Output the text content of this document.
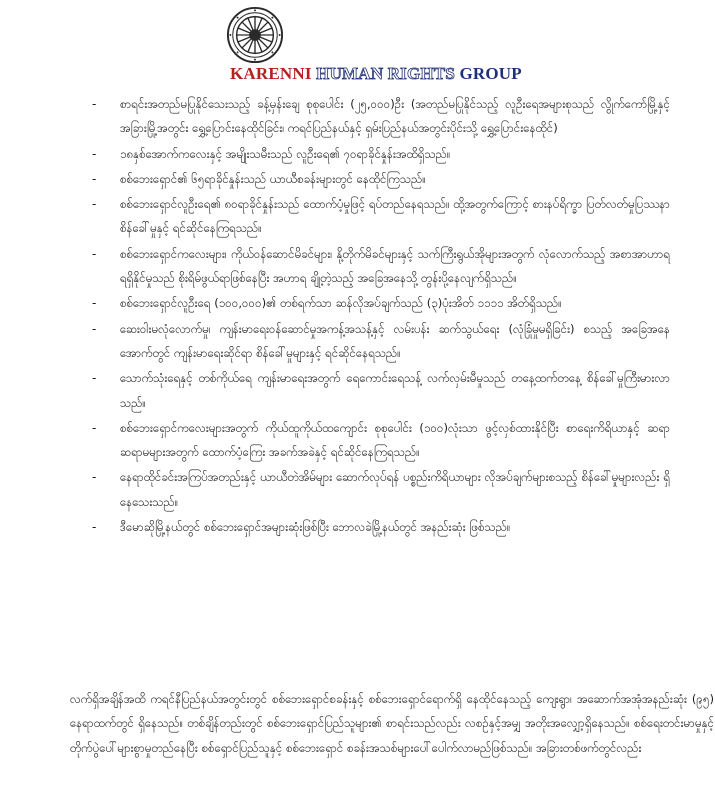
KARENNI HUMAN RIGHTS GROUP
- စာရင်းအတည်မပြုနိုင်သေးသည့် ခန့်မှန်းချေ စုစုပေါင်း (၂၅,၀၀၀)ဦး (အတည်မပြုနိုင်သည့် လူဦးရေအများစုသည် လွိုက်ကော်မြို့နှင့် အခြားမြို့အတွင်း ရွှေ့ပြောင်းနေထိုင်ခြင်း၊ ကရင်ပြည်နယ်နှင့် ရှမ်းပြည်နယ်အတွင်းပိုင်းသို့ ရွှေ့ပြောင်းနေထိုင်)
- ၁၈နှစ်အောက်ကလေးနှင့် အမျိုးသမီးသည် လူဦးရေ၏ ၇၀ရာခိုင်နှုန်းအထိရှိသည်။
- စစ်ဘေးရှောင်၏ ၆၅ရာခိုင်နှုန်းသည် ယာယီစခန်းများတွင် နေထိုင်ကြသည်။
- စစ်ဘေးရှောင်လူဦးရေ၏ ၈၀ရာခိုင်နှုန်းသည် ထောက်ပံ့မှုဖြင့် ရပ်တည်နေရသည်။ ထို့အတွက်ကြောင့် စားနပ်ရိက္ခာ ပြတ်လတ်မှုပြဿနာ စိန်ခေါ်မှုနှင့် ရင်ဆိုင်နေကြရသည်။
- စစ်ဘေးရှောင်ကလေးများ၊ ကိုယ်ဝန်ဆောင်မိခင်များ၊ နို့တိုက်မိခင်များနှင့် သက်ကြီးရွယ်အိုများအတွက် လုံလောက်သည့် အစာအာဟာရ ရရှိနိုင်မှုသည် စိုးရိမ်ဖွယ်ရာဖြစ်နေပြီး အဟာရ ချို့တဲ့သည့် အခြေအနေသို့ တွန်းပို့နေလျက်ရှိသည်။
- စစ်ဘေးရှောင်လူဦးရေ (၁၀၀,၀၀၀)၏ တစ်ရက်သာ ဆန်လိုအပ်ချက်သည် (၃)ပုံးအိတ် ၁၁၁၁ အိတ်ရှိသည်။
- ဆေးဝါးမလုံလောက်မှု၊ ကျန်းမာရေးဝန်ဆောင်မှုအကန့်အသန့်နှင့် လမ်းပန်း ဆက်သွယ်ရေး (လုံခြုံမှုမရှိခြင်း) စသည့် အခြေအနေအောက်တွင် ကျန်းမာရေးဆိုင်ရာ စိန်ခေါ်မှုများနှင့် ရင်ဆိုင်နေရသည်။
- သောက်သုံးရေနှင့် တစ်ကိုယ်ရေ ကျန်းမာရေးအတွက် ရေကောင်းရေသန့် လက်လှမ်းမီမှုသည် တနေ့ထက်တနေ့ စိန်ခေါ်မှုကြီးမားလာသည်။
- စစ်ဘေးရှောင်ကလေးများအတွက် ကိုယ်ထူကိုယ်ထကျောင်း စုစုပေါင်း (၁၀၀)လုံးသာ ဖွင့်လှစ်ထားနိုင်ပြီး စာရေးကိရိယာနှင့် ဆရာဆရာမများအတွက် ထောက်ပံ့ကြေး အခက်အခဲနှင့် ရင်ဆိုင်နေကြရသည်။
- နေရာထိုင်ခင်းအကြပ်အတည်းနှင့် ယာယီတဲအိမ်များ ဆောက်လုပ်ရန် ပစ္စည်းကိရိယာများ လိုအပ်ချက်များစသည့် စိန်ခေါ်မှုများလည်း ရှိနေသေးသည်။
- ဒီမောဆိုမြို့နယ်တွင် စစ်ဘေးရှောင်အများဆုံးဖြစ်ပြီး ဘောလခဲမြို့နယ်တွင် အနည်းဆုံး ဖြစ်သည်။

လက်ရှိအချိန်အထိ ကရင်နီပြည်နယ်အတွင်းတွင် စစ်ဘေးရှောင်စခန်းနှင့် စစ်ဘေးရှောင်ရောက်ရှိ နေထိုင်နေသည့် ကျေးရွာ၊ အဆောက်အအုံအနည်းဆုံး (၉၅) နေရာထက်တွင် ရှိနေသည်။ တစ်ချိန်တည်းတွင် စစ်ဘေးရှောင်ပြည်သူများ၏ စာရင်းသည်လည်း လစဉ်နှင့်အမျှ အတိုးအလျှော့ရှိနေသည်။ စစ်ရေးတင်းမာမှုနှင့် တိုက်ပွဲပေါ်များစွာမှုတည်နေပြီး စစ်ရှောင်ပြည်သူနှင့် စစ်ဘေးရှောင် စခန်းအသစ်များပေါ်ပေါက်လာမည်ဖြစ်သည်။ အခြားတစ်ဖက်တွင်လည်း
